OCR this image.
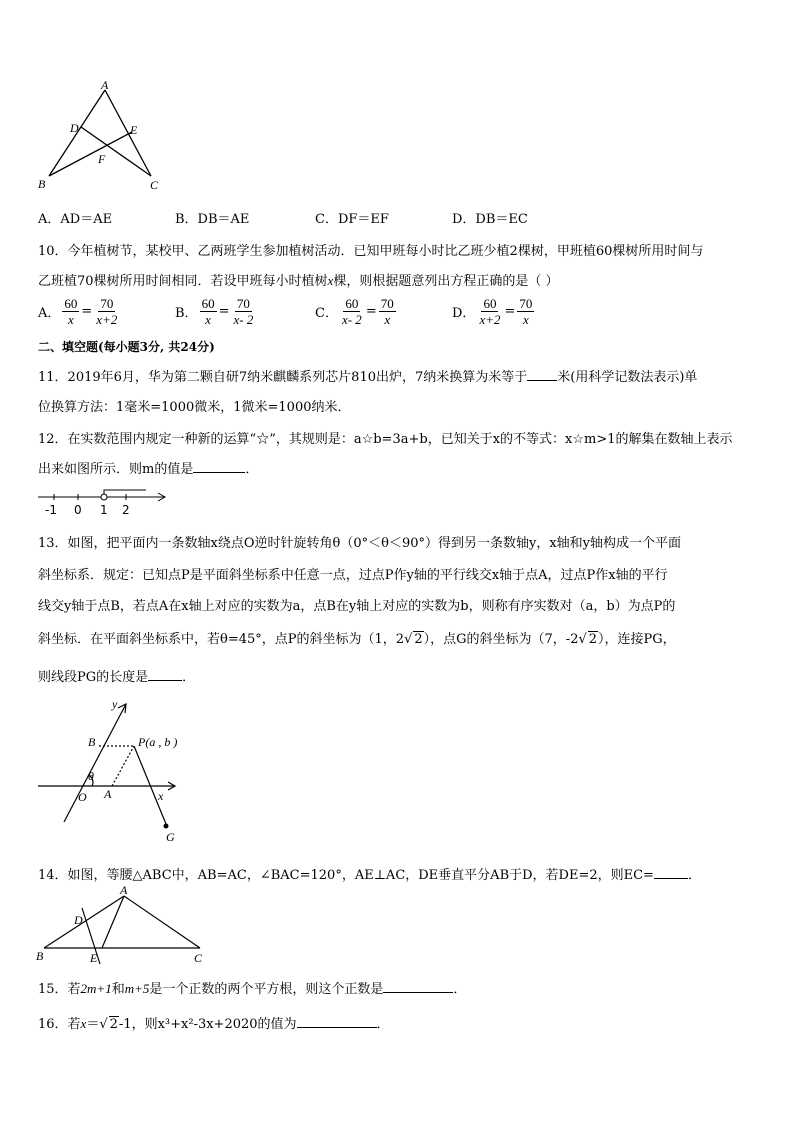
A
D	E
F
B	C
A．AD＝AE	B．DB＝AE	C．DF＝EF	D．DB＝EC
10．今年植树节，某校甲、乙两班学生参加植树活动．已知甲班每小时比乙班少植2棵树，甲班植60棵树所用时间与
乙班植70棵树所用时间相同．若设甲班每小时植树x棵，则根据题意列出方程正确的是（ ）
A． $\frac{60}{x} = \frac{70}{x+2}$	B． $\frac{60}{x} = \frac{70}{x- 2}$	C． $\frac{60}{x- 2} = \frac{70}{x}$	D． $\frac{60}{x+2} = \frac{70}{x}$
二、填空题(每小题3分, 共24分)
11．2019年6月，华为第二颗自研7纳米麒麟系列芯片810出炉，7纳米换算为米等于 米(用科学记数法表示)单
位换算方法：1毫米=1000微米，1微米=1000纳米．
12．在实数范围内规定一种新的运算“☆”，其规则是：a☆b=3a+b，已知关于x的不等式：x☆m>1的解集在数轴上表示
出来如图所示．则m的值是	．
-1 0 1 2
13．如图，把平面内一条数轴x绕点O逆时针旋转角θ（0°＜θ＜90°）得到另一条数轴y，x轴和y轴构成一个平面
斜坐标系．规定：已知点P是平面斜坐标系中任意一点，过点P作y轴的平行线交x轴于点A，过点P作x轴的平行
线交y轴于点B，若点A在x轴上对应的实数为a，点B在y轴上对应的实数为b，则称有序实数对（a，b）为点P的
斜坐标．在平面斜坐标系中，若θ=45°，点P的斜坐标为（1，2√ 2），点G的斜坐标为（7，-2√ 2），连接PG，
则线段PG的长度是	．
y
B	P(a , b )
θ
O A	x
G
14．如图，等腰△ABC中，AB=AC，∠BAC=120°，AE⊥AC，DE垂直平分AB于D，若DE=2，则EC=	．
A
D
B	E	C
15．若2m+1和m+5是一个正数的两个平方根，则这个正数是	．
16．若x＝√ 2-1，则x³+x²-3x+2020的值为	．
